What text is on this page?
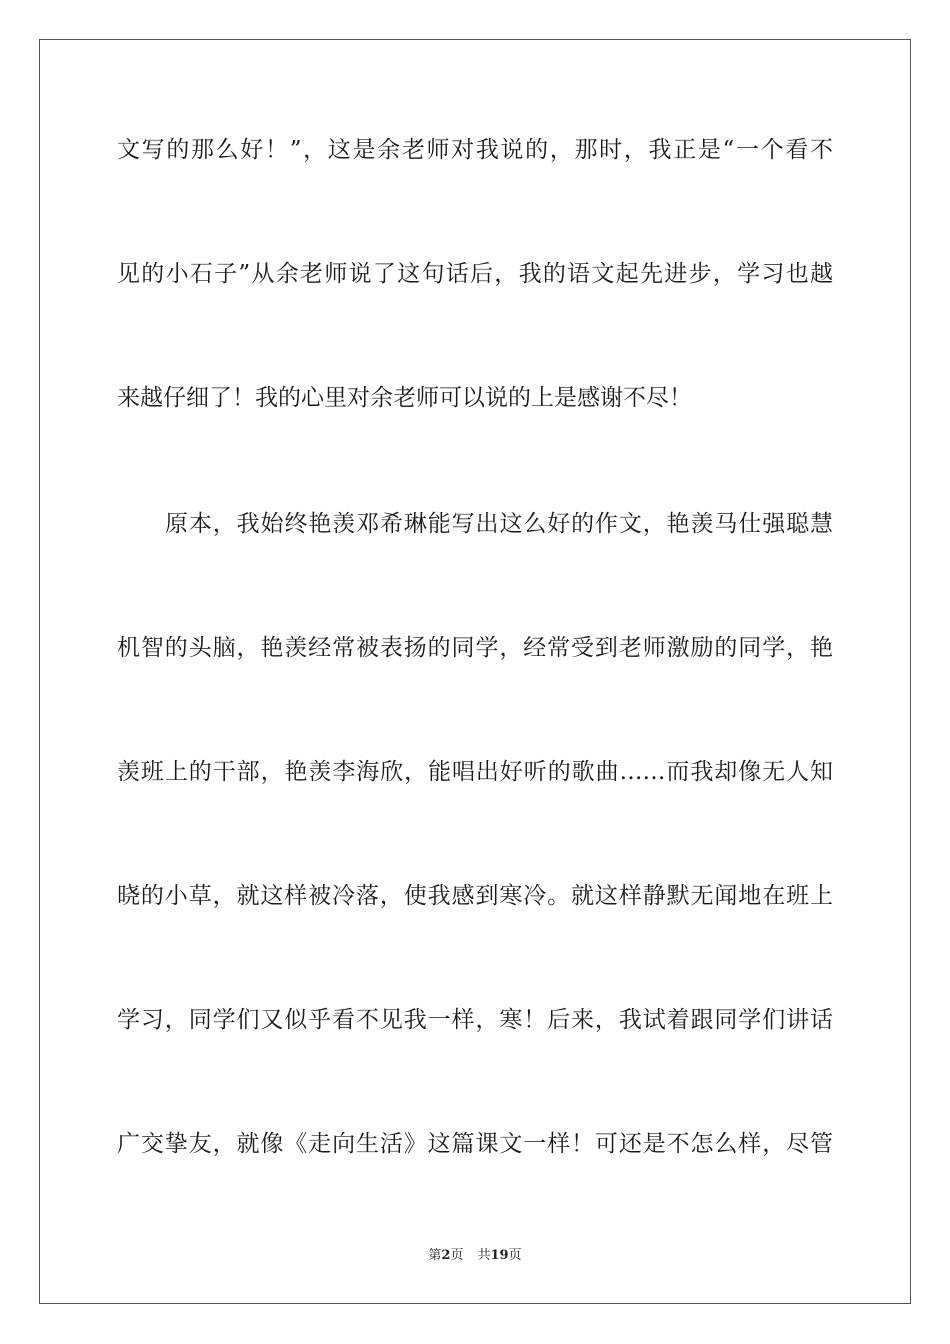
文写的那么好！”，这是余老师对我说的，那时，我正是“一个看不
见的小石子”从余老师说了这句话后，我的语文起先进步，学习也越
来越仔细了！我的心里对余老师可以说的上是感谢不尽！
原本，我始终艳羡邓希琳能写出这么好的作文，艳羡马仕强聪慧
机智的头脑，艳羡经常被表扬的同学，经常受到老师激励的同学，艳
羡班上的干部，艳羡李海欣，能唱出好听的歌曲……而我却像无人知
晓的小草，就这样被冷落，使我感到寒冷。就这样静默无闻地在班上
学习，同学们又似乎看不见我一样，寒！后来，我试着跟同学们讲话
广交挚友，就像《走向生活》这篇课文一样！可还是不怎么样，尽管
第2页 共19页
